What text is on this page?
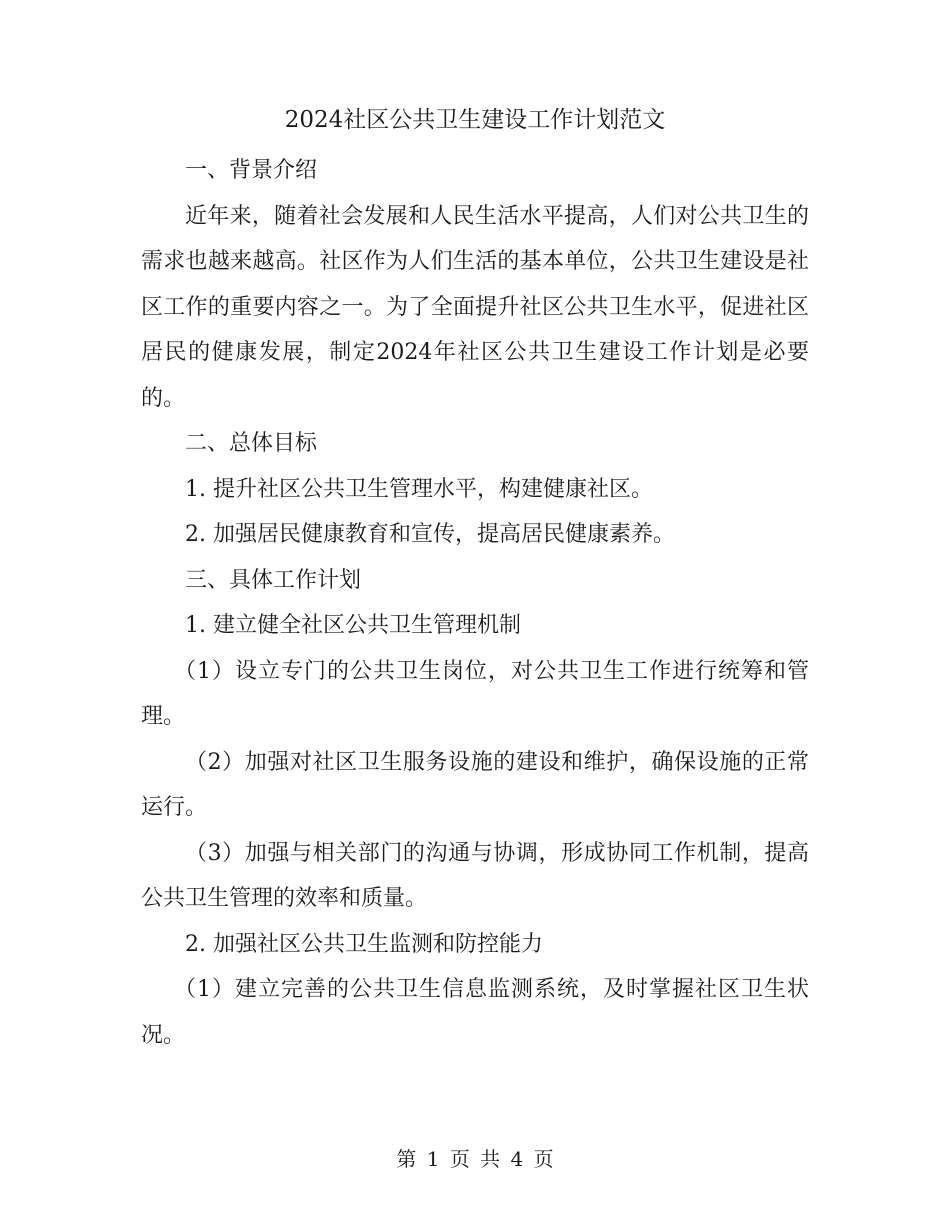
2024社区公共卫生建设工作计划范文

一、背景介绍

近年来，随着社会发展和人民生活水平提高，人们对公共卫生的需求也越来越高。社区作为人们生活的基本单位，公共卫生建设是社区工作的重要内容之一。为了全面提升社区公共卫生水平，促进社区居民的健康发展，制定2024年社区公共卫生建设工作计划是必要的。

二、总体目标

1. 提升社区公共卫生管理水平，构建健康社区。

2. 加强居民健康教育和宣传，提高居民健康素养。

三、具体工作计划

1. 建立健全社区公共卫生管理机制

（1）设立专门的公共卫生岗位，对公共卫生工作进行统筹和管理。

（2）加强对社区卫生服务设施的建设和维护，确保设施的正常运行。

（3）加强与相关部门的沟通与协调，形成协同工作机制，提高公共卫生管理的效率和质量。

2. 加强社区公共卫生监测和防控能力

（1）建立完善的公共卫生信息监测系统，及时掌握社区卫生状况。

第 1 页 共 4 页
